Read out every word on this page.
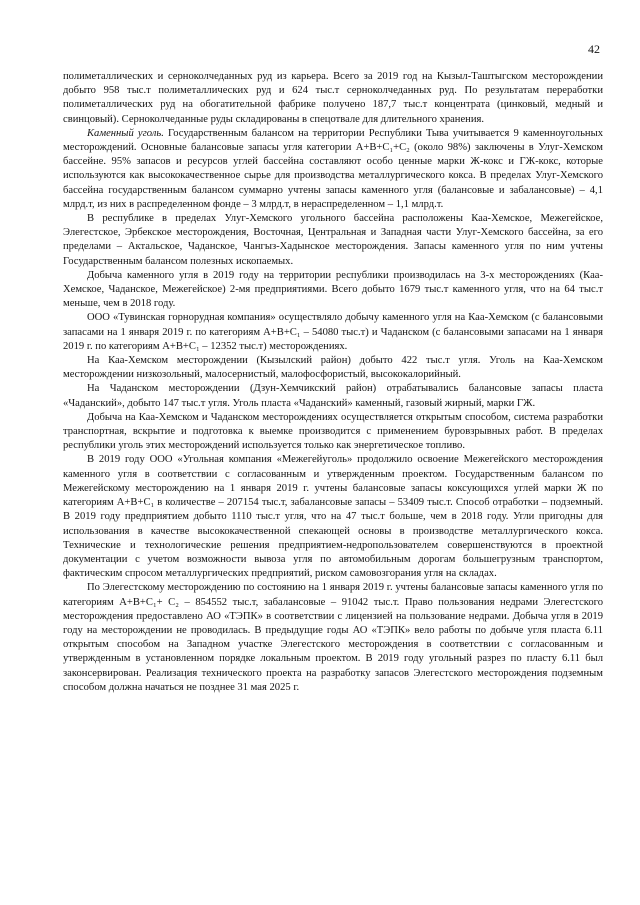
42

полиметаллических и серноколчеданных руд из карьера. Всего за 2019 год на Кызыл-Таштыгском месторождении добыто 958 тыс.т полиметаллических руд и 624 тыс.т серноколчеданных руд. По результатам переработки полиметаллических руд на обогатительной фабрике получено 187,7 тыс.т концентрата (цинковый, медный и свинцовый). Серноколчеданные руды складированы в спецотвале для длительного хранения.

Каменный уголь. Государственным балансом на территории Республики Тыва учитывается 9 каменноугольных месторождений. Основные балансовые запасы угля категории А+В+С₁+С₂ (около 98%) заключены в Улуг-Хемском бассейне. 95% запасов и ресурсов углей бассейна составляют особо ценные марки Ж-кокс и ГЖ-кокс, которые используются как высококачественное сырье для производства металлургического кокса. В пределах Улуг-Хемского бассейна государственным балансом суммарно учтены запасы каменного угля (балансовые и забалансовые) – 4,1 млрд.т, из них в распределенном фонде – 3 млрд.т, в нераспределенном – 1,1 млрд.т.

В республике в пределах Улуг-Хемского угольного бассейна расположены Каа-Хемское, Межегейское, Элегестское, Эрбекское месторождения, Восточная, Центральная и Западная части Улуг-Хемского бассейна, за его пределами – Актальское, Чаданское, Чангыз-Хадынское месторождения. Запасы каменного угля по ним учтены Государственным балансом полезных ископаемых.

Добыча каменного угля в 2019 году на территории республики производилась на 3-х месторождениях (Каа-Хемское, Чаданское, Межегейское) 2-мя предприятиями. Всего добыто 1679 тыс.т каменного угля, что на 64 тыс.т меньше, чем в 2018 году.

ООО «Тувинская горнорудная компания» осуществляло добычу каменного угля на Каа-Хемском (с балансовыми запасами на 1 января 2019 г. по категориям А+В+С₁ – 54080 тыс.т) и Чаданском (с балансовыми запасами на 1 января 2019 г. по категориям А+В+С₁ – 12352 тыс.т) месторождениях.

На Каа-Хемском месторождении (Кызылский район) добыто 422 тыс.т угля. Уголь на Каа-Хемском месторождении низкозольный, малосернистый, малофосфористый, высококалорийный.

На Чаданском месторождении (Дзун-Хемчикский район) отрабатывались балансовые запасы пласта «Чаданский», добыто 147 тыс.т угля. Уголь пласта «Чаданский» каменный, газовый жирный, марки ГЖ.

Добыча на Каа-Хемском и Чаданском месторождениях осуществляется открытым способом, система разработки транспортная, вскрытие и подготовка к выемке производится с применением буровзрывных работ. В пределах республики уголь этих месторождений используется только как энергетическое топливо.

В 2019 году ООО «Угольная компания «Межегейуголь» продолжило освоение Межегейского месторождения каменного угля в соответствии с согласованным и утвержденным проектом. Государственным балансом по Межегейскому месторождению на 1 января 2019 г. учтены балансовые запасы коксующихся углей марки Ж по категориям А+В+С₁ в количестве – 207154 тыс.т, забалансовые запасы – 53409 тыс.т. Способ отработки – подземный. В 2019 году предприятием добыто 1110 тыс.т угля, что на 47 тыс.т больше, чем в 2018 году. Угли пригодны для использования в качестве высококачественной спекающей основы в производстве металлургического кокса. Технические и технологические решения предприятием-недропользователем совершенствуются в проектной документации с учетом возможности вывоза угля по автомобильным дорогам большегрузным транспортом, фактическим спросом металлургических предприятий, риском самовозгорания угля на складах.

По Элегестскому месторождению по состоянию на 1 января 2019 г. учтены балансовые запасы каменного угля по категориям А+В+С₁+ С₂ – 854552 тыс.т, забалансовые – 91042 тыс.т. Право пользования недрами Элегестского месторождения предоставлено АО «ТЭПК» в соответствии с лицензией на пользование недрами. Добыча угля в 2019 году на месторождении не проводилась. В предыдущие годы АО «ТЭПК» вело работы по добыче угля пласта 6.11 открытым способом на Западном участке Элегестского месторождения в соответствии с согласованным и утвержденным в установленном порядке локальным проектом. В 2019 году угольный разрез по пласту 6.11 был законсервирован. Реализация технического проекта на разработку запасов Элегестского месторождения подземным способом должна начаться не позднее 31 мая 2025 г.
